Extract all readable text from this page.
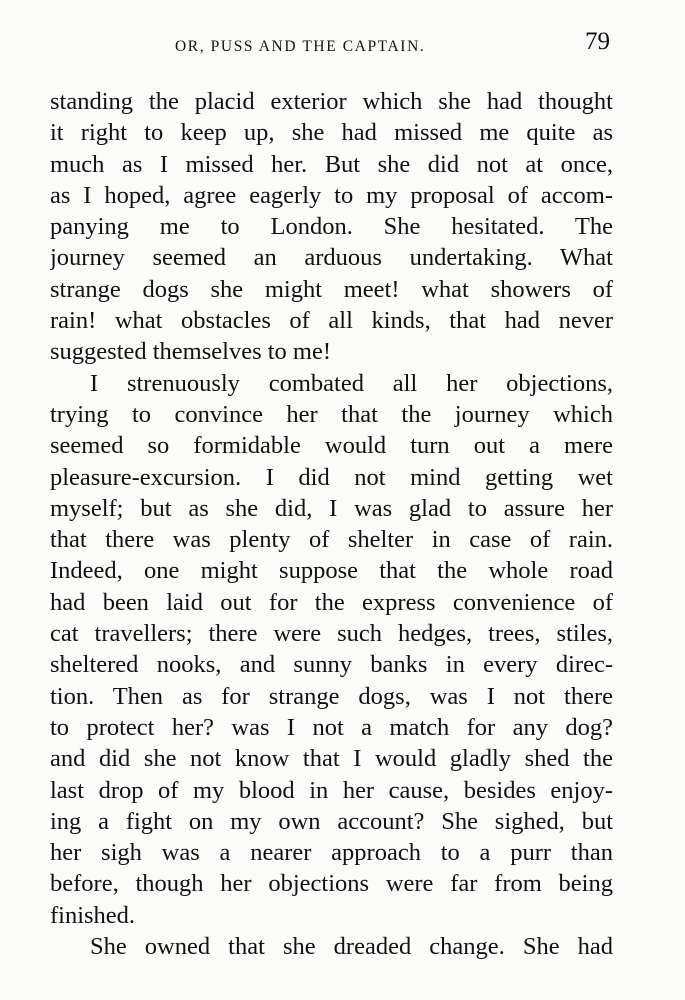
OR, PUSS AND THE CAPTAIN.	79
standing the placid exterior which she had thought
it right to keep up, she had missed me quite as
much as I missed her. But she did not at once,
as I hoped, agree eagerly to my proposal of accom-
panying me to London. She hesitated. The
journey seemed an arduous undertaking. What
strange dogs she might meet! what showers of
rain! what obstacles of all kinds, that had never
suggested themselves to me!
I strenuously combated all her objections,
trying to convince her that the journey which
seemed so formidable would turn out a mere
pleasure-excursion. I did not mind getting wet
myself; but as she did, I was glad to assure her
that there was plenty of shelter in case of rain.
Indeed, one might suppose that the whole road
had been laid out for the express convenience of
cat travellers; there were such hedges, trees, stiles,
sheltered nooks, and sunny banks in every direc-
tion. Then as for strange dogs, was I not there
to protect her? was I not a match for any dog?
and did she not know that I would gladly shed the
last drop of my blood in her cause, besides enjoy-
ing a fight on my own account? She sighed, but
her sigh was a nearer approach to a purr than
before, though her objections were far from being
finished.
She owned that she dreaded change. She had
